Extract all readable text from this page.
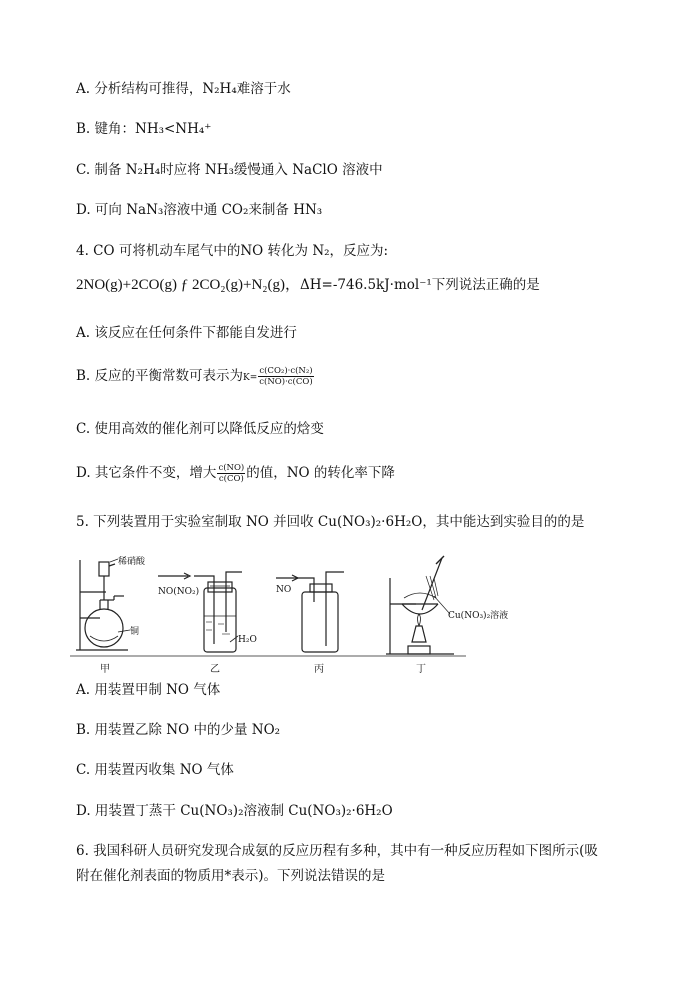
A. 分析结构可推得，N₂H₄难溶于水
B. 键角：NH₃<NH₄⁺
C. 制备 N₂H₄时应将 NH₃缓慢通入 NaClO 溶液中
D. 可向 NaN₃溶液中通 CO₂来制备 HN₃
4. CO 可将机动车尾气中的NO 转化为 N₂，反应为:
2NO(g)+2CO(g) ƒ 2CO₂(g)+N₂(g)，ΔH=-746.5kJ·mol⁻¹下列说法正确的是
A. 该反应在任何条件下都能自发进行
B. 反应的平衡常数可表示为$K= \frac{\text{c(CO₂)·c(N₂)}}{c(NO)\cdot c(CO)}$
C. 使用高效的催化剂可以降低反应的焓变
D. 其它条件不变，增大 $\frac{c(NO)}{c(CO)}$ 的值，NO 的转化率下降
5. 下列装置用于实验室制取 NO 并回收 Cu(NO₃)₂·6H₂O，其中能达到实验目的的是
稀硝酸
铜
NO(NO₂)
H₂O
NO
Cu(NO₃)₂溶液
甲	乙	丙	丁
A. 用装置甲制 NO 气体
B. 用装置乙除 NO 中的少量 NO₂
C. 用装置丙收集 NO 气体
D. 用装置丁蒸干 Cu(NO₃)₂溶液制 Cu(NO₃)₂·6H₂O
6. 我国科研人员研究发现合成氨的反应历程有多种，其中有一种反应历程如下图所示(吸
附在催化剂表面的物质用*表示)。下列说法错误的是
